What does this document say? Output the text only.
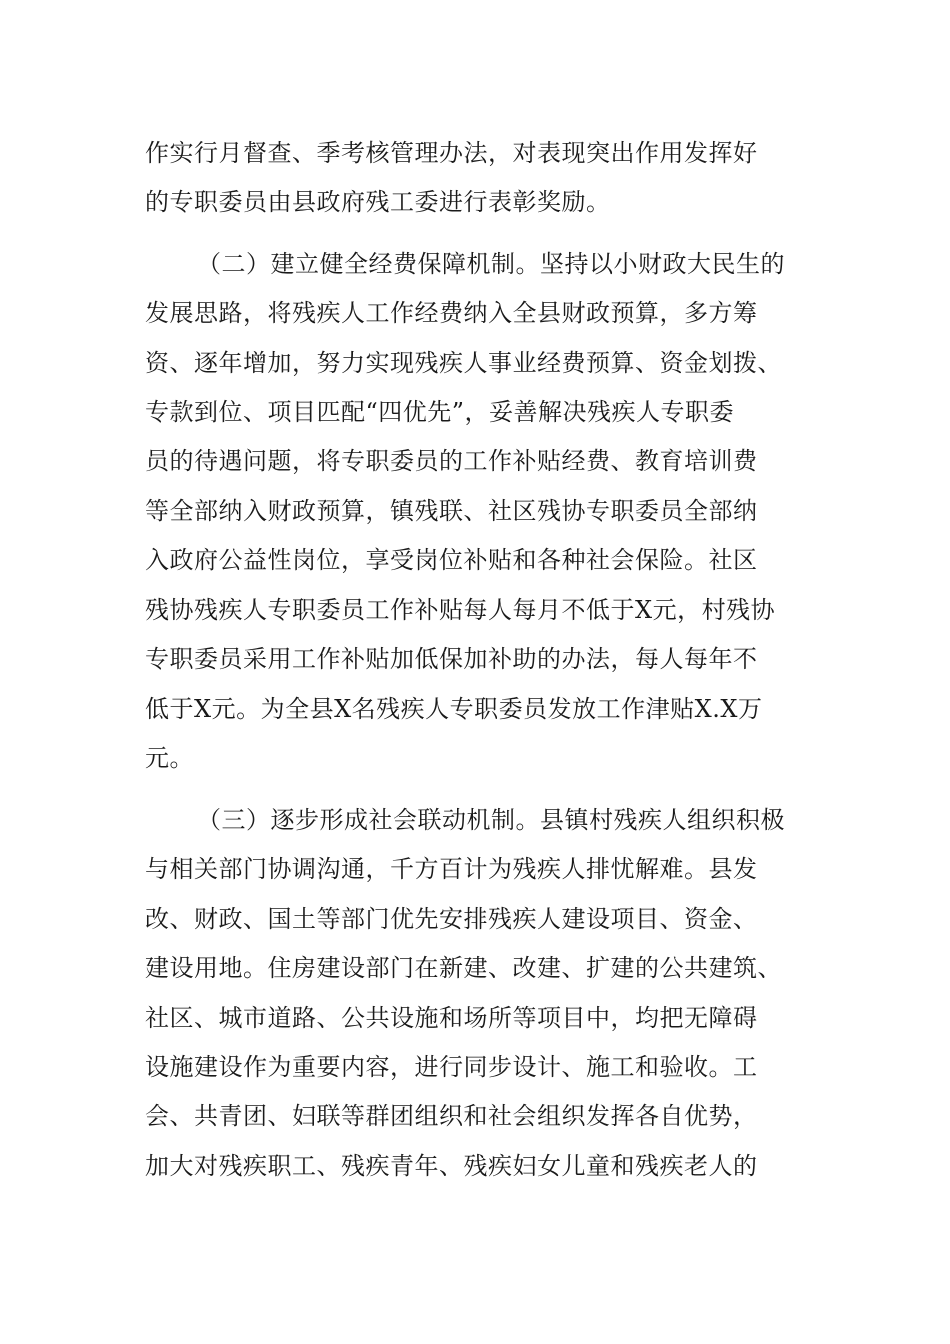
作实行月督查、季考核管理办法，对表现突出作用发挥好
的专职委员由县政府残工委进行表彰奖励。
（二）建立健全经费保障机制。坚持以小财政大民生的
发展思路，将残疾人工作经费纳入全县财政预算，多方筹
资、逐年增加，努力实现残疾人事业经费预算、资金划拨、
专款到位、项目匹配“四优先”，妥善解决残疾人专职委
员的待遇问题，将专职委员的工作补贴经费、教育培训费
等全部纳入财政预算，镇残联、社区残协专职委员全部纳
入政府公益性岗位，享受岗位补贴和各种社会保险。社区
残协残疾人专职委员工作补贴每人每月不低于X元，村残协
专职委员采用工作补贴加低保加补助的办法，每人每年不
低于X元。为全县X名残疾人专职委员发放工作津贴X.X万
元。
（三）逐步形成社会联动机制。县镇村残疾人组织积极
与相关部门协调沟通，千方百计为残疾人排忧解难。县发
改、财政、国土等部门优先安排残疾人建设项目、资金、
建设用地。住房建设部门在新建、改建、扩建的公共建筑、
社区、城市道路、公共设施和场所等项目中，均把无障碍
设施建设作为重要内容，进行同步设计、施工和验收。工
会、共青团、妇联等群团组织和社会组织发挥各自优势，
加大对残疾职工、残疾青年、残疾妇女儿童和残疾老人的
